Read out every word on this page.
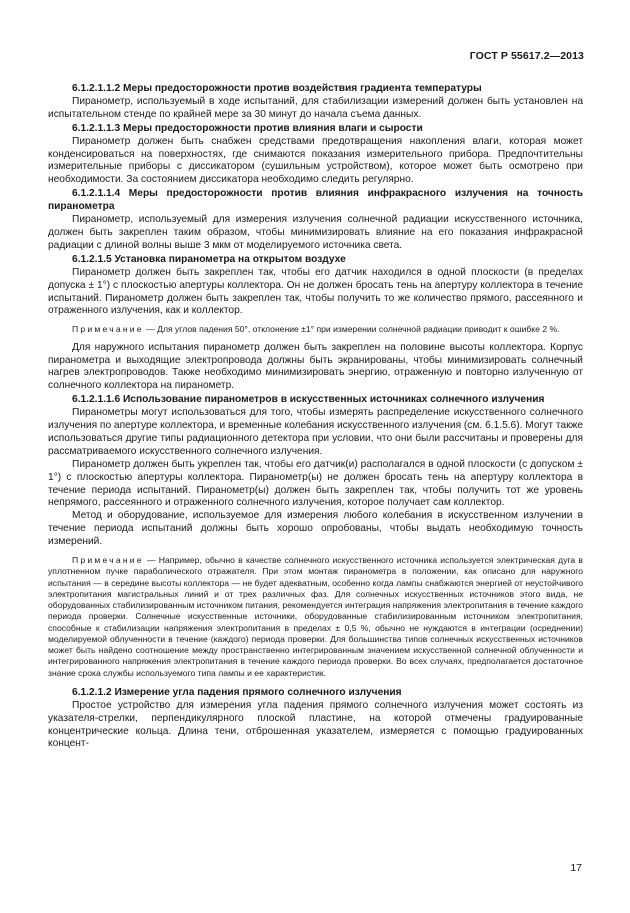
ГОСТ Р 55617.2—2013

6.1.2.1.1.2 Меры предосторожности против воздействия градиента температуры

Пиранометр, используемый в ходе испытаний, для стабилизации измерений должен быть установлен на испытательном стенде по крайней мере за 30 минут до начала съема данных.

6.1.2.1.1.3 Меры предосторожности против влияния влаги и сырости

Пиранометр должен быть снабжен средствами предотвращения накопления влаги, которая может конденсироваться на поверхностях, где снимаются показания измерительного прибора. Предпочтительны измерительные приборы с диссикатором (сушильным устройством), которое может быть осмотрено при необходимости. За состоянием диссикатора необходимо следить регулярно.

6.1.2.1.1.4 Меры предосторожности против влияния инфракрасного излучения на точность пиранометра

Пиранометр, используемый для измерения излучения солнечной радиации искусственного источника, должен быть закреплен таким образом, чтобы минимизировать влияние на его показания инфракрасной радиации с длиной волны выше 3 мкм от моделируемого источника света.

6.1.2.1.5 Установка пиранометра на открытом воздухе

Пиранометр должен быть закреплен так, чтобы его датчик находился в одной плоскости (в пределах допуска ± 1°) с плоскостью апертуры коллектора. Он не должен бросать тень на апертуру коллектора в течение испытаний. Пиранометр должен быть закреплен так, чтобы получить то же количество прямого, рассеянного и отраженного излучения, как и коллектор.

Примечание — Для углов падения 50°, отклонение ±1° при измерении солнечной радиации приводит к ошибке 2 %.

Для наружного испытания пиранометр должен быть закреплен на половине высоты коллектора. Корпус пиранометра и выходящие электропровода должны быть экранированы, чтобы минимизировать солнечный нагрев электропроводов. Также необходимо минимизировать энергию, отраженную и повторно излученную от солнечного коллектора на пиранометр.

6.1.2.1.1.6 Использование пиранометров в искусственных источниках солнечного излучения

Пиранометры могут использоваться для того, чтобы измерять распределение искусственного солнечного излучения по апертуре коллектора, и временные колебания искусственного излучения (см. 6.1.5.6). Могут также использоваться другие типы радиационного детектора при условии, что они были рассчитаны и проверены для рассматриваемого искусственного солнечного излучения.

Пиранометр должен быть укреплен так, чтобы его датчик(и) располагался в одной плоскости (с допуском ± 1°) с плоскостью апертуры коллектора. Пиранометр(ы) не должен бросать тень на апертуру коллектора в течение периода испытаний. Пиранометр(ы) должен быть закреплен так, чтобы получить тот же уровень непрямого, рассеянного и отраженного солнечного излучения, которое получает сам коллектор.

Метод и оборудование, используемое для измерения любого колебания в искусственном излучении в течение периода испытаний должны быть хорошо опробованы, чтобы выдать необходимую точность измерений.

Примечание — Например, обычно в качестве солнечного искусственного источника используется электрическая дуга в уплотненном пучке параболического отражателя. При этом монтаж пиранометра в положении, как описано для наружного испытания — в середине высоты коллектора — не будет адекватным, особенно когда лампы снабжаются энергией от неустойчивого электропитания магистральных линий и от трех различных фаз. Для солнечных искусственных источников этого вида, не оборудованных стабилизированным источником питания, рекомендуется интеграция напряжения электропитания в течение каждого периода проверки. Солнечные искусственные источники, оборудованные стабилизированным источником электропитания, способные к стабилизации напряжения электропитания в пределах ± 0,5 %, обычно не нуждаются в интеграции (осреднении) моделируемой облученности в течение (каждого) периода проверки. Для большинства типов солнечных искусственных источников может быть найдено соотношение между пространственно интегрированным значением искусственной солнечной облученности и интегрированного напряжения электропитания в течение каждого периода проверки. Во всех случаях, предполагается достаточное знание срока службы используемого типа лампы и ее характеристик.

6.1.2.1.2 Измерение угла падения прямого солнечного излучения

Простое устройство для измерения угла падения прямого солнечного излучения может состоять из указателя-стрелки, перпендикулярного плоской пластине, на которой отмечены градуированные концентрические кольца. Длина тени, отброшенная указателем, измеряется с помощью градуированных концент-

17
